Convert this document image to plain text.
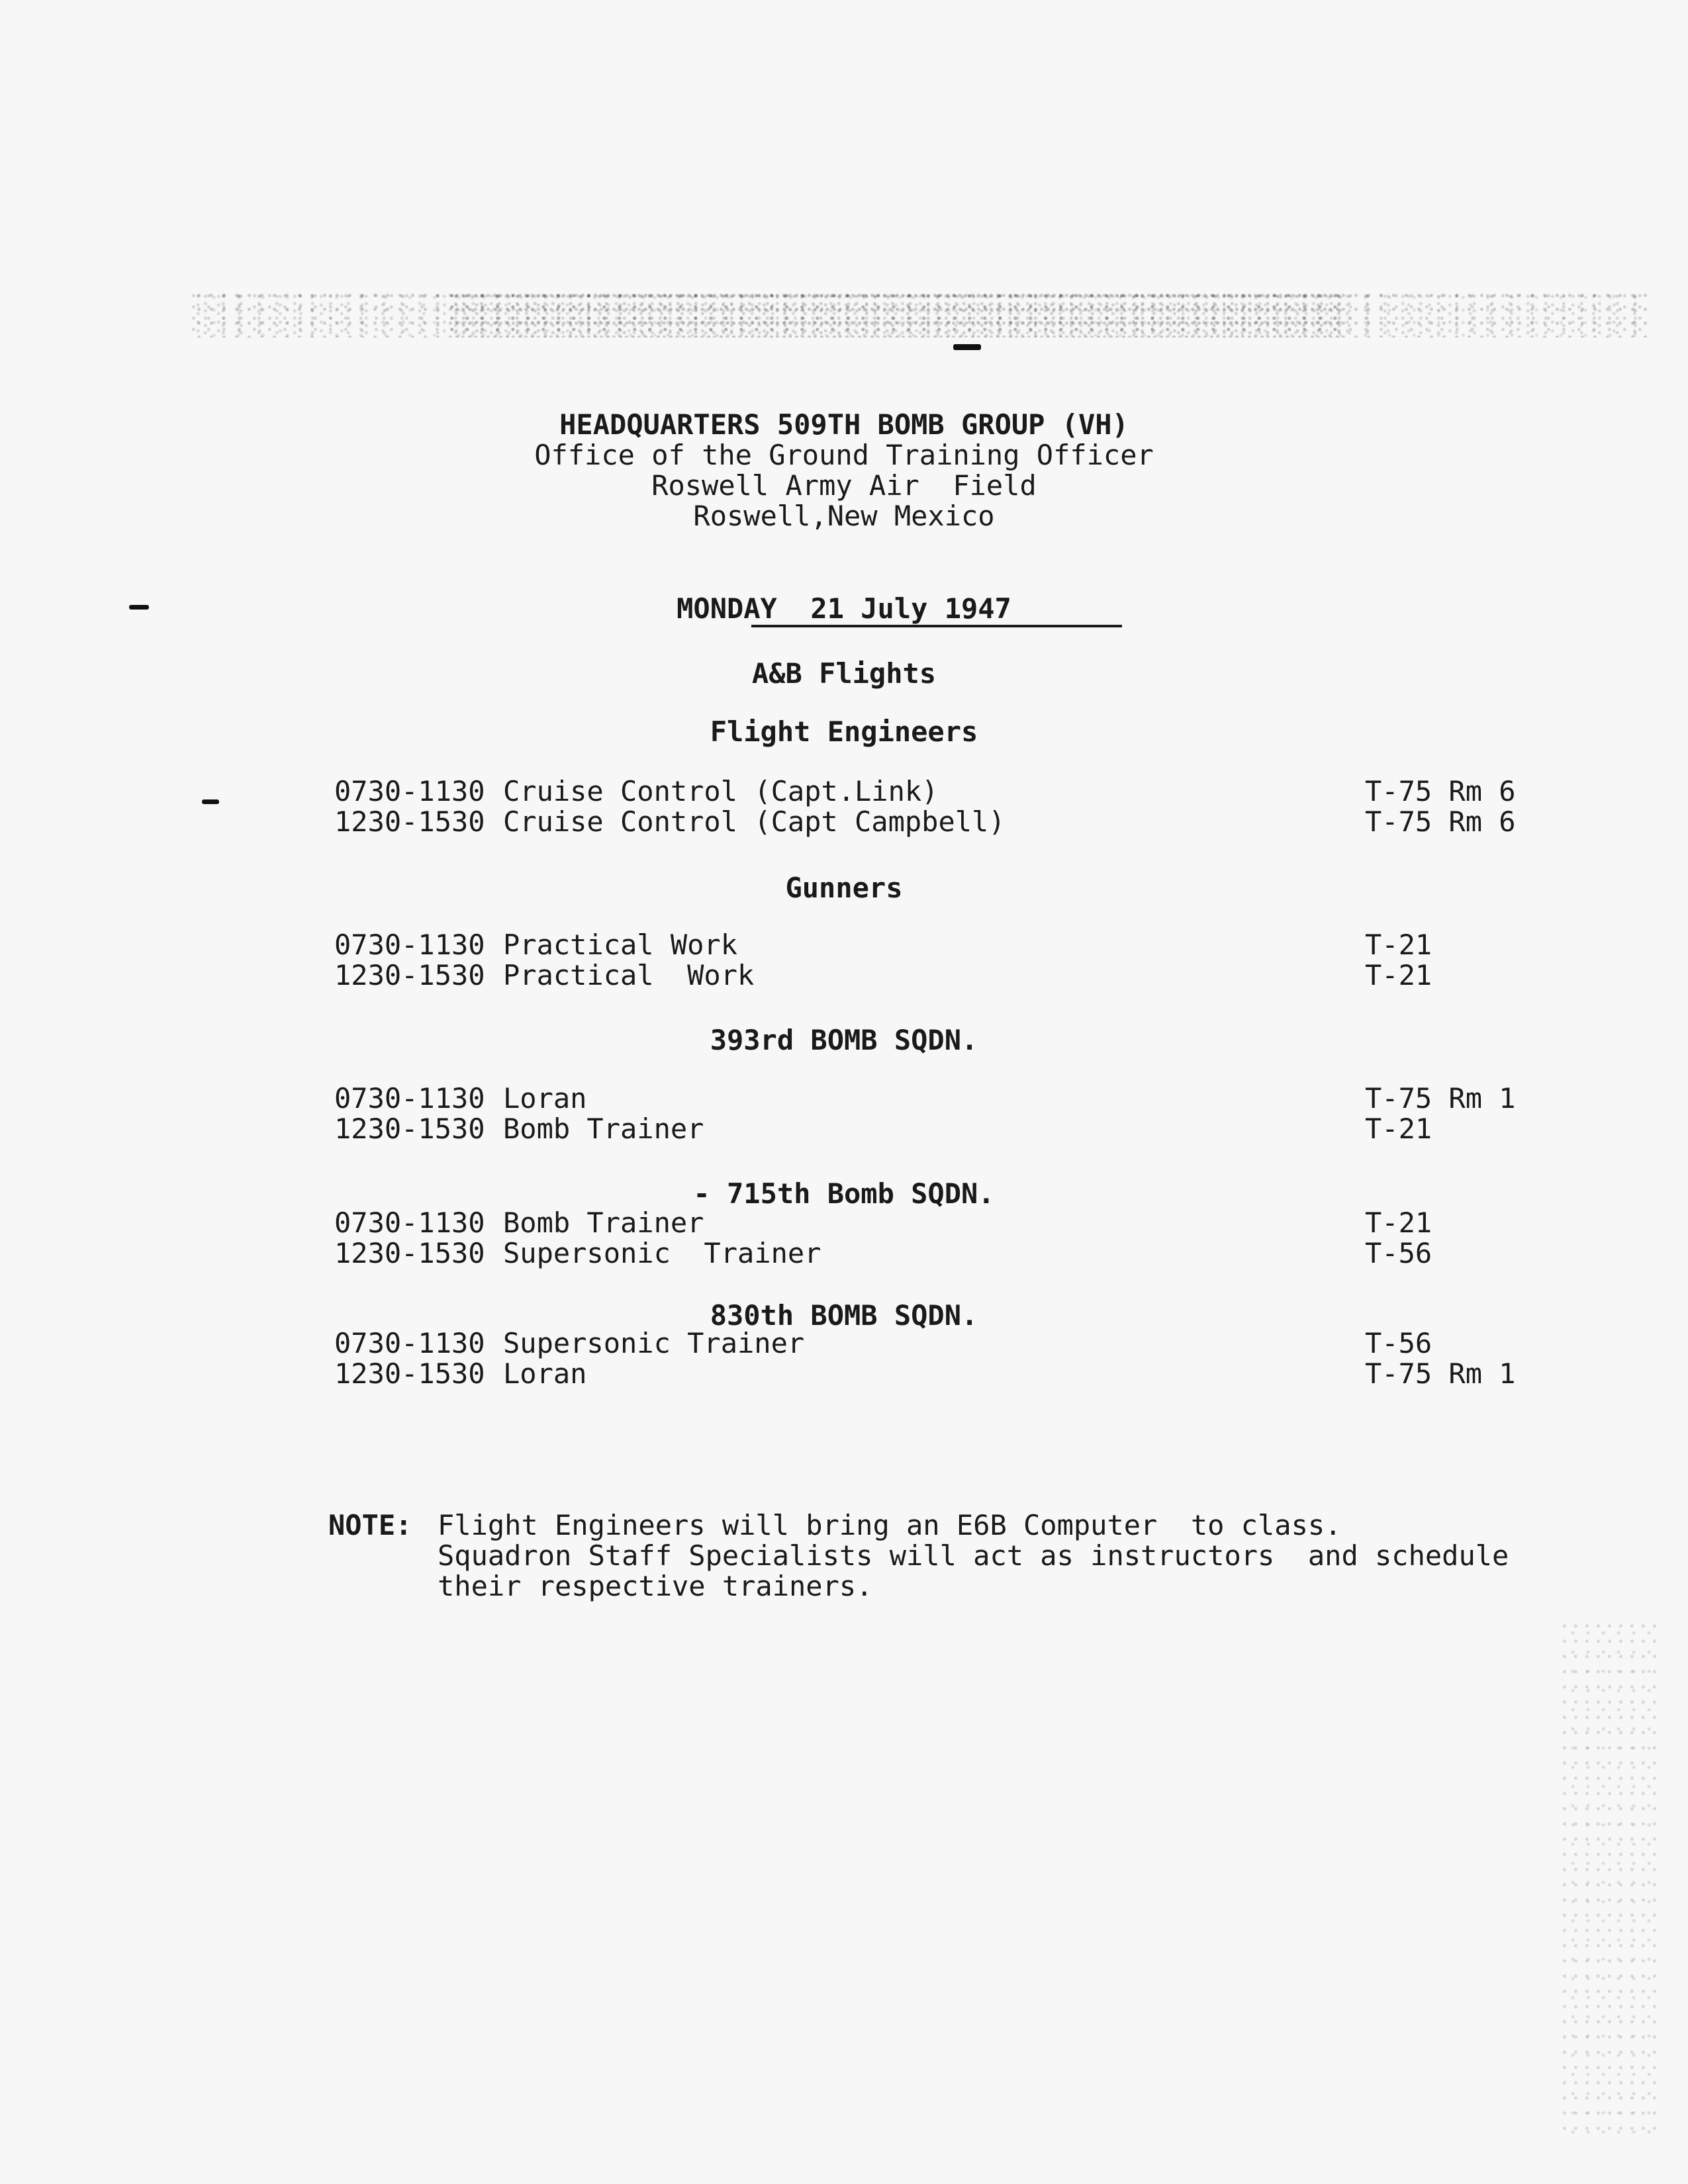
HEADQUARTERS 509TH BOMB GROUP (VH)
Office of the Ground Training Officer
Roswell Army Air  Field
Roswell,New Mexico
MONDAY  21 July 1947
A&B Flights
Flight Engineers
0730-1130 Cruise Control (Capt.Link)	T-75 Rm 6
1230-1530 Cruise Control (Capt Campbell)	T-75 Rm 6
Gunners
0730-1130 Practical Work	T-21
1230-1530 Practical  Work	T-21
393rd BOMB SQDN.
0730-1130 Loran	T-75 Rm 1
1230-1530 Bomb Trainer	T-21
- 715th Bomb SQDN.
0730-1130 Bomb Trainer	T-21
1230-1530 Supersonic  Trainer	T-56
830th BOMB SQDN.
0730-1130 Supersonic Trainer	T-56
1230-1530 Loran	T-75 Rm 1
NOTE: Flight Engineers will bring an E6B Computer  to class.
Squadron Staff Specialists will act as instructors  and schedule
their respective trainers.
